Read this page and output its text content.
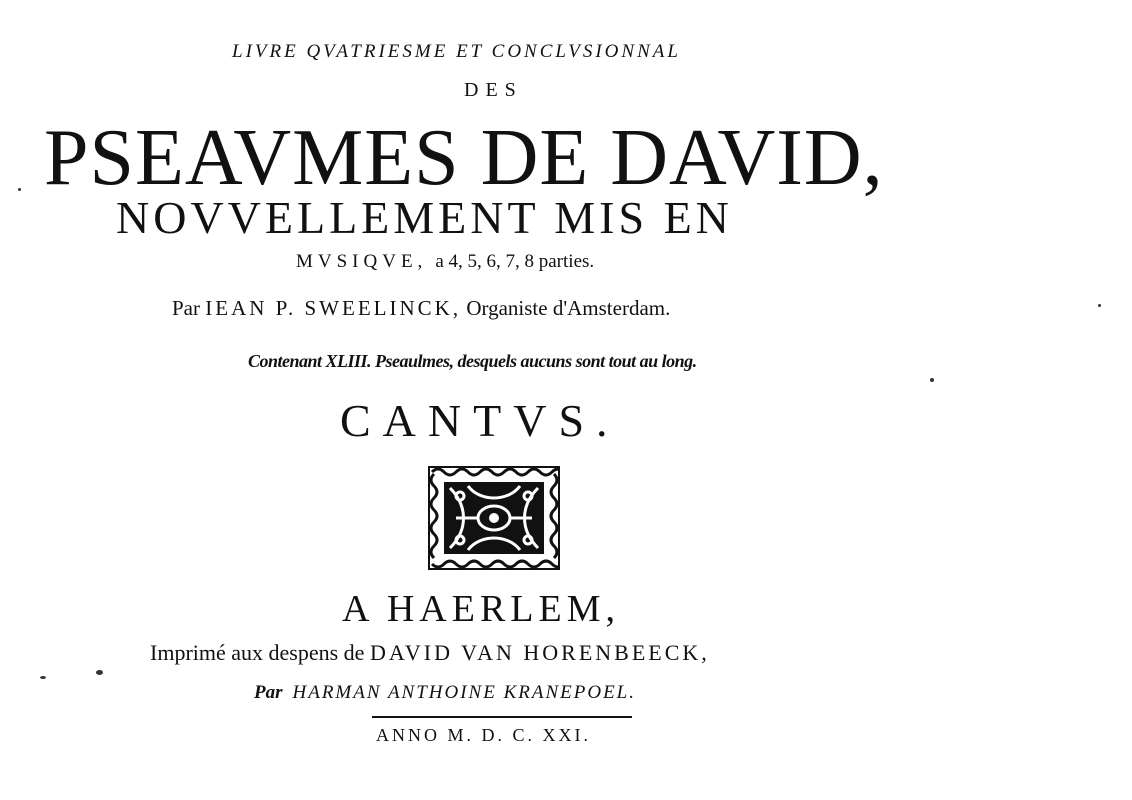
LIVRE QVATRIESME ET CONCLVSIONNAL
DES
PSEAVMES DE DAVID,
NOVVELLEMENT MIS EN
MVSIQVE, a 4, 5, 6, 7, 8 parties.
Par IEAN P. SWEELINCK, Organiste d'Amsterdam.
Contenant XLIII. Pseaulmes, desquels aucuns sont tout au long.
CANTVS.
A HAERLEM,
Imprimé aux despens de DAVID VAN HORENBEECK,
Par HARMAN ANTHOINE KRANEPOEL.
ANNO M. D. C. XXI.
